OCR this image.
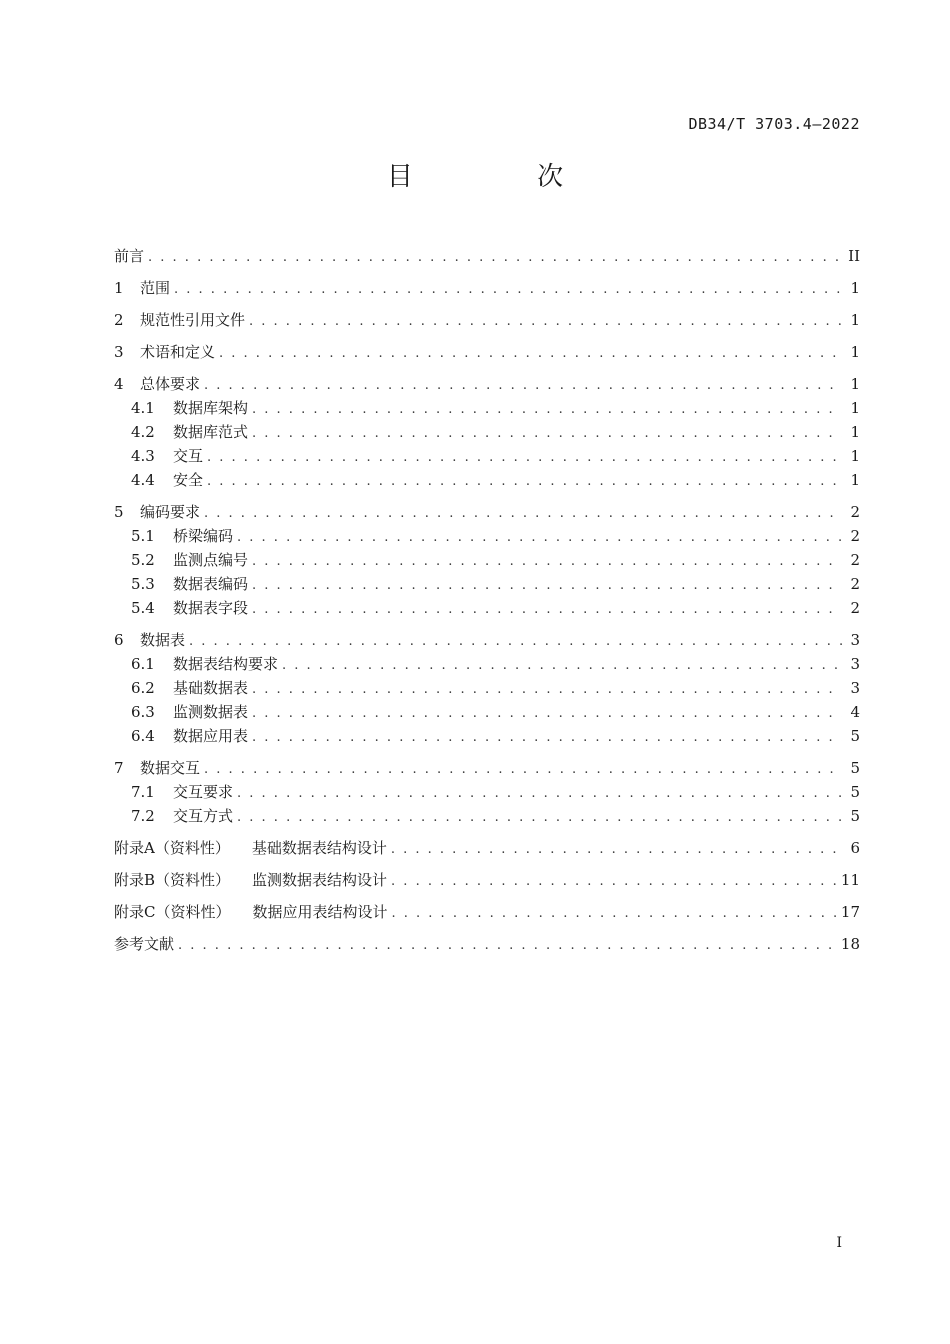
DB34/T 3703.4—2022
目 次
前言 . . .	II
1	范围 . . .	1
2	规范性引用文件 . . .	1
3	术语和定义 . . .	1
4	总体要求 . . .	1
4.1	数据库架构 . . .	1
4.2	数据库范式 . . .	1
4.3	交互 . . .	1
4.4	安全 . . .	1
5	编码要求 . . .	2
5.1	桥梁编码 . . .	2
5.2	监测点编号 . . .	2
5.3	数据表编码 . . .	2
5.4	数据表字段 . . .	2
6	数据表 . . .	3
6.1	数据表结构要求 . . .	3
6.2	基础数据表 . . .	3
6.3	监测数据表 . . .	4
6.4	数据应用表 . . .	5
7	数据交互 . . .	5
7.1	交互要求 . . .	5
7.2	交互方式 . . .	5
附录A（资料性） 基础数据表结构设计 . . .	6
附录B（资料性） 监测数据表结构设计 . . .	11
附录C（资料性） 数据应用表结构设计 . . .	17
参考文献 . . .	18
I
